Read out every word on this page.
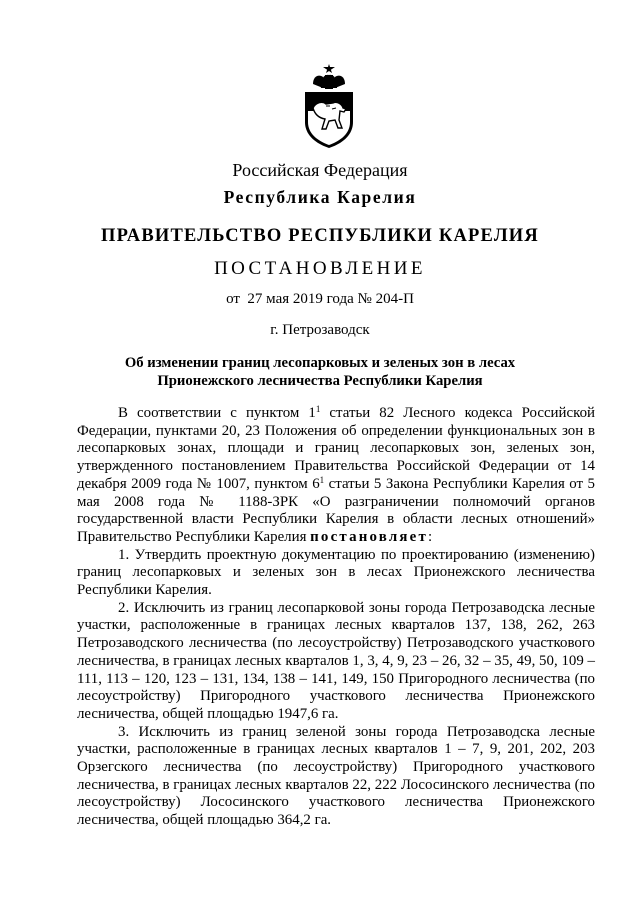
Российская Федерация
Республика Карелия
ПРАВИТЕЛЬСТВО РЕСПУБЛИКИ КАРЕЛИЯ
ПОСТАНОВЛЕНИЕ
от  27 мая 2019 года № 204-П
г. Петрозаводск
Об изменении границ лесопарковых и зеленых зон в лесах
Прионежского лесничества Республики Карелия

В соответствии с пунктом $1^1$ статьи 82 Лесного кодекса Российской Федерации, пунктами 20, 23 Положения об определении функциональных зон в лесопарковых зонах, площади и границ лесопарковых зон, зеленых зон, утвержденного постановлением Правительства Российской Федерации от 14 декабря 2009 года № 1007, пунктом $6^1$ статьи 5 Закона Республики Карелия от 5 мая 2008 года № 1188-ЗРК «О разграничении полномочий органов государственной власти Республики Карелия в области лесных отношений» Правительство Республики Карелия постановляет:

1. Утвердить проектную документацию по проектированию (изменению) границ лесопарковых и зеленых зон в лесах Прионежского лесничества Республики Карелия.

2. Исключить из границ лесопарковой зоны города Петрозаводска лесные участки, расположенные в границах лесных кварталов 137, 138, 262, 263 Петрозаводского лесничества (по лесоустройству) Петрозаводского участкового лесничества, в границах лесных кварталов 1, 3, 4, 9, 23 – 26, 32 – 35, 49, 50, 109 – 111, 113 – 120, 123 – 131, 134, 138 – 141, 149, 150 Пригородного лесничества (по лесоустройству) Пригородного участкового лесничества Прионежского лесничества, общей площадью 1947,6 га.

3. Исключить из границ зеленой зоны города Петрозаводска лесные участки, расположенные в границах лесных кварталов 1 – 7, 9, 201, 202, 203 Орзегского лесничества (по лесоустройству) Пригородного участкового лесничества, в границах лесных кварталов 22, 222 Лососинского лесничества (по лесоустройству) Лососинского участкового лесничества Прионежского лесничества, общей площадью 364,2 га.
